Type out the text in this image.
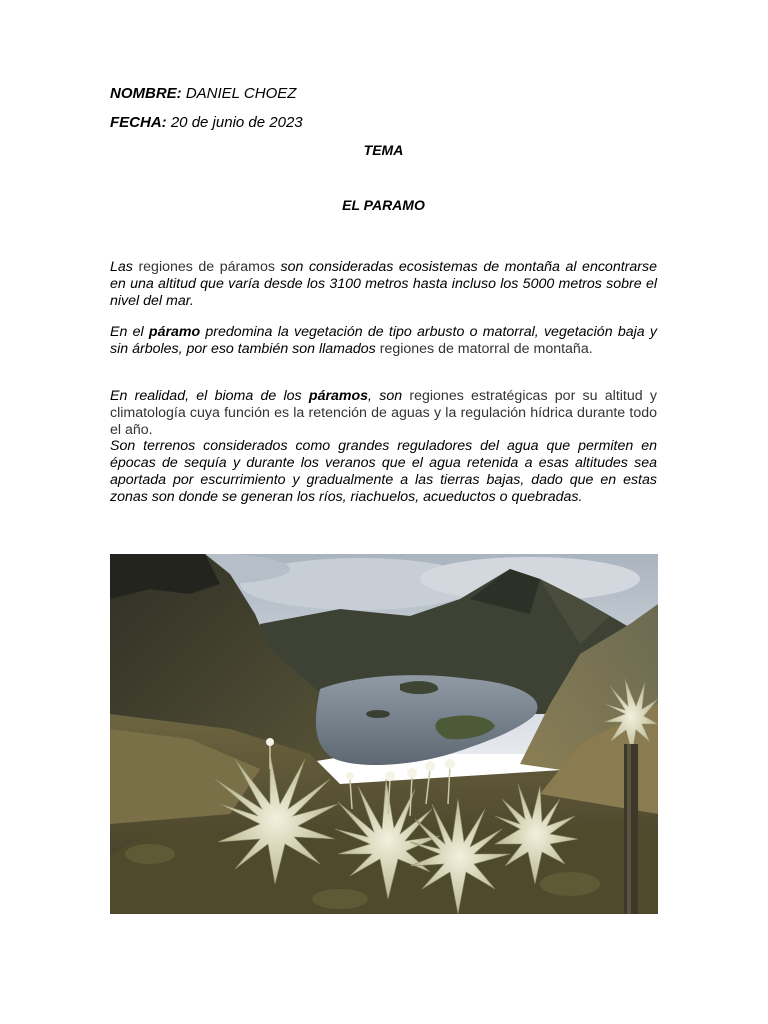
NOMBRE: DANIEL CHOEZ
FECHA: 20 de junio de 2023
TEMA
EL PARAMO

Las regiones de páramos son consideradas ecosistemas de montaña al encontrarse en una altitud que varía desde los 3100 metros hasta incluso los 5000 metros sobre el nivel del mar.

En el páramo predomina la vegetación de tipo arbusto o matorral, vegetación baja y sin árboles, por eso también son llamados regiones de matorral de montaña.

En realidad, el bioma de los páramos, son regiones estratégicas por su altitud y climatología cuya función es la retención de aguas y la regulación hídrica durante todo el año.

Son terrenos considerados como grandes reguladores del agua que permiten en épocas de sequía y durante los veranos que el agua retenida a esas altitudes sea aportada por escurrimiento y gradualmente a las tierras bajas, dado que en estas zonas son donde se generan los ríos, riachuelos, acueductos o quebradas.
